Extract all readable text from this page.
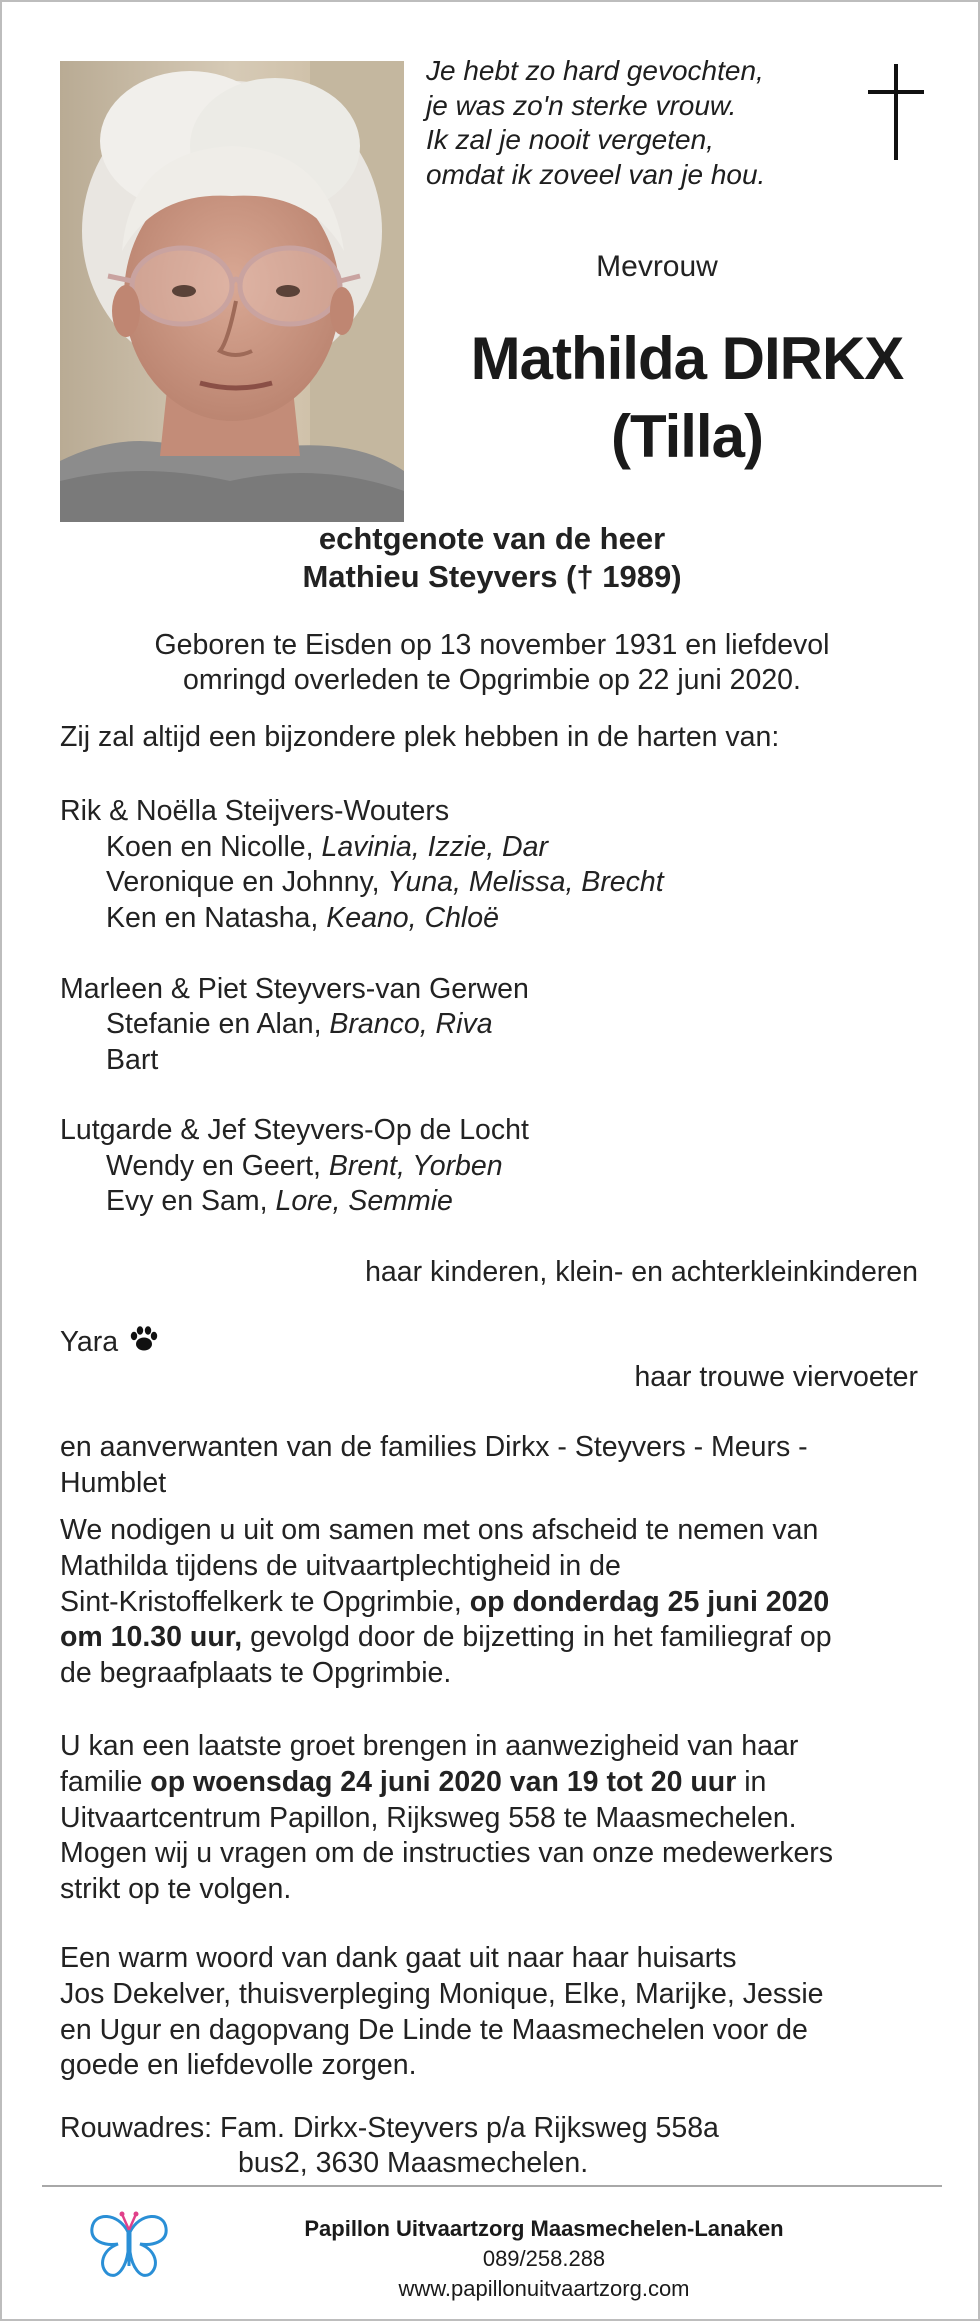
Je hebt zo hard gevochten,
je was zo'n sterke vrouw.
Ik zal je nooit vergeten,
omdat ik zoveel van je hou.
Mevrouw
Mathilda DIRKX
(Tilla)
echtgenote van de heer
Mathieu Steyvers († 1989)
Geboren te Eisden op 13 november 1931 en liefdevol
omringd overleden te Opgrimbie op 22 juni 2020.
Zij zal altijd een bijzondere plek hebben in de harten van:
Rik & Noëlla Steijvers-Wouters
Koen en Nicolle, Lavinia, Izzie, Dar
Veronique en Johnny, Yuna, Melissa, Brecht
Ken en Natasha, Keano, Chloë
Marleen & Piet Steyvers-van Gerwen
Stefanie en Alan, Branco, Riva
Bart
Lutgarde & Jef Steyvers-Op de Locht
Wendy en Geert, Brent, Yorben
Evy en Sam, Lore, Semmie
haar kinderen, klein- en achterkleinkinderen
Yara
haar trouwe viervoeter
en aanverwanten van de families Dirkx - Steyvers - Meurs -
Humblet
We nodigen u uit om samen met ons afscheid te nemen van
Mathilda tijdens de uitvaartplechtigheid in de
Sint-Kristoffelkerk te Opgrimbie, op donderdag 25 juni 2020
om 10.30 uur, gevolgd door de bijzetting in het familiegraf op
de begraafplaats te Opgrimbie.
U kan een laatste groet brengen in aanwezigheid van haar
familie op woensdag 24 juni 2020 van 19 tot 20 uur in
Uitvaartcentrum Papillon, Rijksweg 558 te Maasmechelen.
Mogen wij u vragen om de instructies van onze medewerkers
strikt op te volgen.
Een warm woord van dank gaat uit naar haar huisarts
Jos Dekelver, thuisverpleging Monique, Elke, Marijke, Jessie
en Ugur en dagopvang De Linde te Maasmechelen voor de
goede en liefdevolle zorgen.
Rouwadres: Fam. Dirkx-Steyvers p/a Rijksweg 558a
bus2, 3630 Maasmechelen.
Papillon Uitvaartzorg Maasmechelen-Lanaken
089/258.288
www.papillonuitvaartzorg.com
